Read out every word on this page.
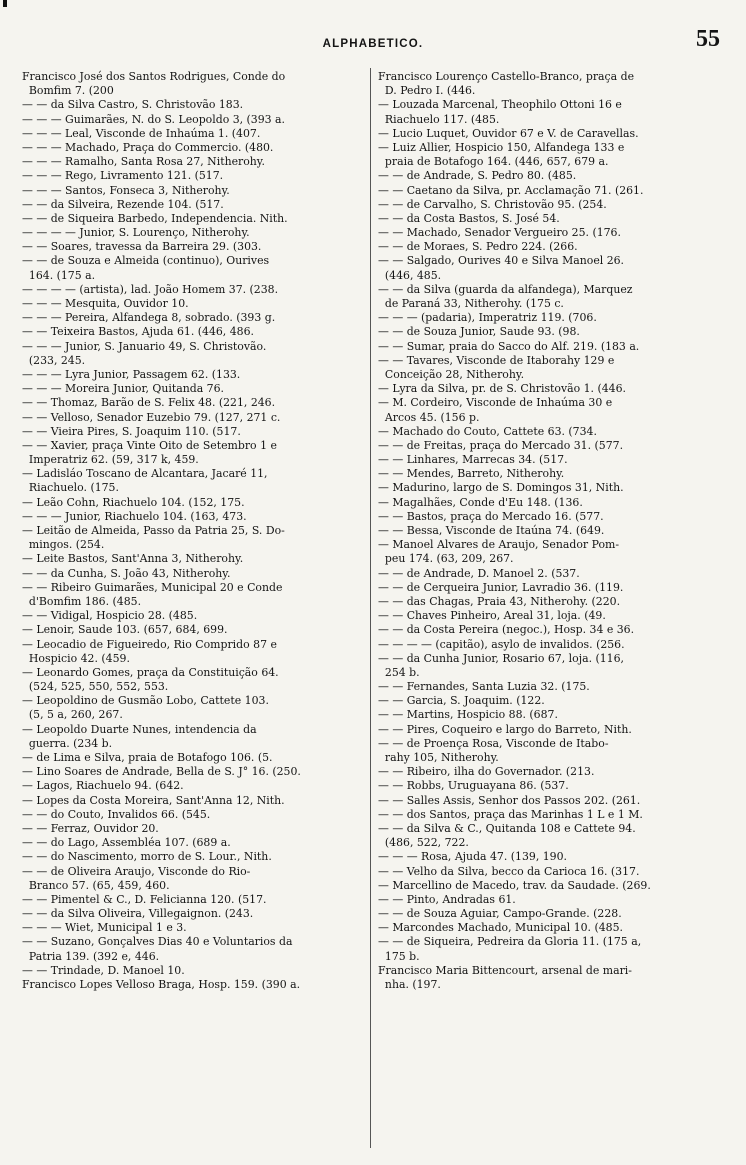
ALPHABETICO.	55
Francisco José dos Santos Rodrigues, Conde do
Bomfim 7. (200
— — da Silva Castro, S. Christovão 183.
— — — Guimarães, N. do S. Leopoldo 3, (393 a.
— — — Leal, Visconde de Inhaúma 1. (407.
— — — Machado, Praça do Commercio. (480.
— — — Ramalho, Santa Rosa 27, Nitherohy.
— — — Rego, Livramento 121. (517.
— — — Santos, Fonseca 3, Nitherohy.
— — da Silveira, Rezende 104. (517.
— — de Siqueira Barbedo, Independencia. Nith.
— — — — Junior, S. Lourenço, Nitherohy.
— — Soares, travessa da Barreira 29. (303.
— — de Souza e Almeida (continuo), Ourives
164. (175 a.
— — — — (artista), lad. João Homem 37. (238.
— — — Mesquita, Ouvidor 10.
— — — Pereira, Alfandega 8, sobrado. (393 g.
— — Teixeira Bastos, Ajuda 61. (446, 486.
— — — Junior, S. Januario 49, S. Christovão.
(233, 245.
— — — Lyra Junior, Passagem 62. (133.
— — — Moreira Junior, Quitanda 76.
— — Thomaz, Barão de S. Felix 48. (221, 246.
— — Velloso, Senador Euzebio 79. (127, 271 c.
— — Vieira Pires, S. Joaquim 110. (517.
— — Xavier, praça Vinte Oito de Setembro 1 e
Imperatriz 62. (59, 317 k, 459.
— Ladisláo Toscano de Alcantara, Jacaré 11,
Riachuelo. (175.
— Leão Cohn, Riachuelo 104. (152, 175.
— — — Junior, Riachuelo 104. (163, 473.
— Leitão de Almeida, Passo da Patria 25, S. Do-
mingos. (254.
— Leite Bastos, Sant'Anna 3, Nitherohy.
— — da Cunha, S. João 43, Nitherohy.
— — Ribeiro Guimarães, Municipal 20 e Conde
d'Bomfim 186. (485.
— — Vidigal, Hospicio 28. (485.
— Lenoir, Saude 103. (657, 684, 699.
— Leocadio de Figueiredo, Rio Comprido 87 e
Hospicio 42. (459.
— Leonardo Gomes, praça da Constituição 64.
(524, 525, 550, 552, 553.
— Leopoldino de Gusmão Lobo, Cattete 103.
(5, 5 a, 260, 267.
— Leopoldo Duarte Nunes, intendencia da
guerra. (234 b.
— de Lima e Silva, praia de Botafogo 106. (5.
— Lino Soares de Andrade, Bella de S. J° 16. (250.
— Lagos, Riachuelo 94. (642.
— Lopes da Costa Moreira, Sant'Anna 12, Nith.
— — do Couto, Invalidos 66. (545.
— — Ferraz, Ouvidor 20.
— — do Lago, Assembléa 107. (689 a.
— — do Nascimento, morro de S. Lour., Nith.
— — de Oliveira Araujo, Visconde do Rio-
Branco 57. (65, 459, 460.
— — Pimentel & C., D. Felicianna 120. (517.
— — da Silva Oliveira, Villegaignon. (243.
— — — Wiet, Municipal 1 e 3.
— — Suzano, Gonçalves Dias 40 e Voluntarios da
Patria 139. (392 e, 446.
— — Trindade, D. Manoel 10.
Francisco Lopes Velloso Braga, Hosp. 159. (390 a.
Francisco Lourenço Castello-Branco, praça de
D. Pedro I. (446.
— Louzada Marcenal, Theophilo Ottoni 16 e
Riachuelo 117. (485.
— Lucio Luquet, Ouvidor 67 e V. de Caravellas.
— Luiz Allier, Hospicio 150, Alfandega 133 e
praia de Botafogo 164. (446, 657, 679 a.
— — de Andrade, S. Pedro 80. (485.
— — Caetano da Silva, pr. Acclamação 71. (261.
— — de Carvalho, S. Christovão 95. (254.
— — da Costa Bastos, S. José 54.
— — Machado, Senador Vergueiro 25. (176.
— — de Moraes, S. Pedro 224. (266.
— — Salgado, Ourives 40 e Silva Manoel 26.
(446, 485.
— — da Silva (guarda da alfandega), Marquez
de Paraná 33, Nitherohy. (175 c.
— — — (padaria), Imperatriz 119. (706.
— — de Souza Junior, Saude 93. (98.
— — Sumar, praia do Sacco do Alf. 219. (183 a.
— — Tavares, Visconde de Itaborahy 129 e
Conceição 28, Nitherohy.
— Lyra da Silva, pr. de S. Christovão 1. (446.
— M. Cordeiro, Visconde de Inhaúma 30 e
Arcos 45. (156 p.
— Machado do Couto, Cattete 63. (734.
— — de Freitas, praça do Mercado 31. (577.
— — Linhares, Marrecas 34. (517.
— — Mendes, Barreto, Nitherohy.
— Madurino, largo de S. Domingos 31, Nith.
— Magalhães, Conde d'Eu 148. (136.
— — Bastos, praça do Mercado 16. (577.
— — Bessa, Visconde de Itaúna 74. (649.
— Manoel Alvares de Araujo, Senador Pom-
peu 174. (63, 209, 267.
— — de Andrade, D. Manoel 2. (537.
— — de Cerqueira Junior, Lavradio 36. (119.
— — das Chagas, Praia 43, Nitherohy. (220.
— — Chaves Pinheiro, Areal 31, loja. (49.
— — da Costa Pereira (negoc.), Hosp. 34 e 36.
— — — — (capitão), asylo de invalidos. (256.
— — da Cunha Junior, Rosario 67, loja. (116,
254 b.
— — Fernandes, Santa Luzia 32. (175.
— — Garcia, S. Joaquim. (122.
— — Martins, Hospicio 88. (687.
— — Pires, Coqueiro e largo do Barreto, Nith.
— — de Proença Rosa, Visconde de Itabo-
rahy 105, Nitherohy.
— — Ribeiro, ilha do Governador. (213.
— — Robbs, Uruguayana 86. (537.
— — Salles Assis, Senhor dos Passos 202. (261.
— — dos Santos, praça das Marinhas 1 L e 1 M.
— — da Silva & C., Quitanda 108 e Cattete 94.
(486, 522, 722.
— — — Rosa, Ajuda 47. (139, 190.
— — Velho da Silva, becco da Carioca 16. (317.
— Marcellino de Macedo, trav. da Saudade. (269.
— — Pinto, Andradas 61.
— — de Souza Aguiar, Campo-Grande. (228.
— Marcondes Machado, Municipal 10. (485.
— — de Siqueira, Pedreira da Gloria 11. (175 a,
175 b.
Francisco Maria Bittencourt, arsenal de mari-
nha. (197.
